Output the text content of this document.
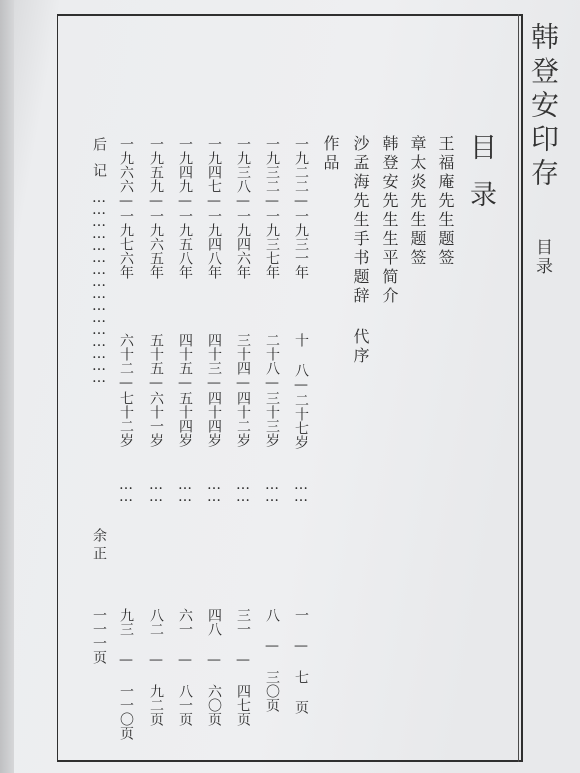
韩登安印存
目录
目录
王福庵先生题签
章太炎先生题签
韩登安先生生平简介
沙孟海先生手书题辞 代序
作品
一九二二—一九三一年
十 八—二十七岁
……
一 — 七 页
一九三二—一九三七年
二十八—三十三岁
……
八 — 三〇页
一九三八—一九四六年
三十四—四十二岁
……
三一 — 四七页
一九四七—一九四八年
四十三—四十四岁
……
四八 — 六〇页
一九四九—一九五八年
四十五—五十四岁
……
六一 — 八一页
一九五九—一九六五年
五十五—六十一岁
……
八二 — 九二页
一九六六—一九七六年
六十二—七十二岁
……
九三 — 一一〇页
后记
…………………………………………
余正
一一一页
